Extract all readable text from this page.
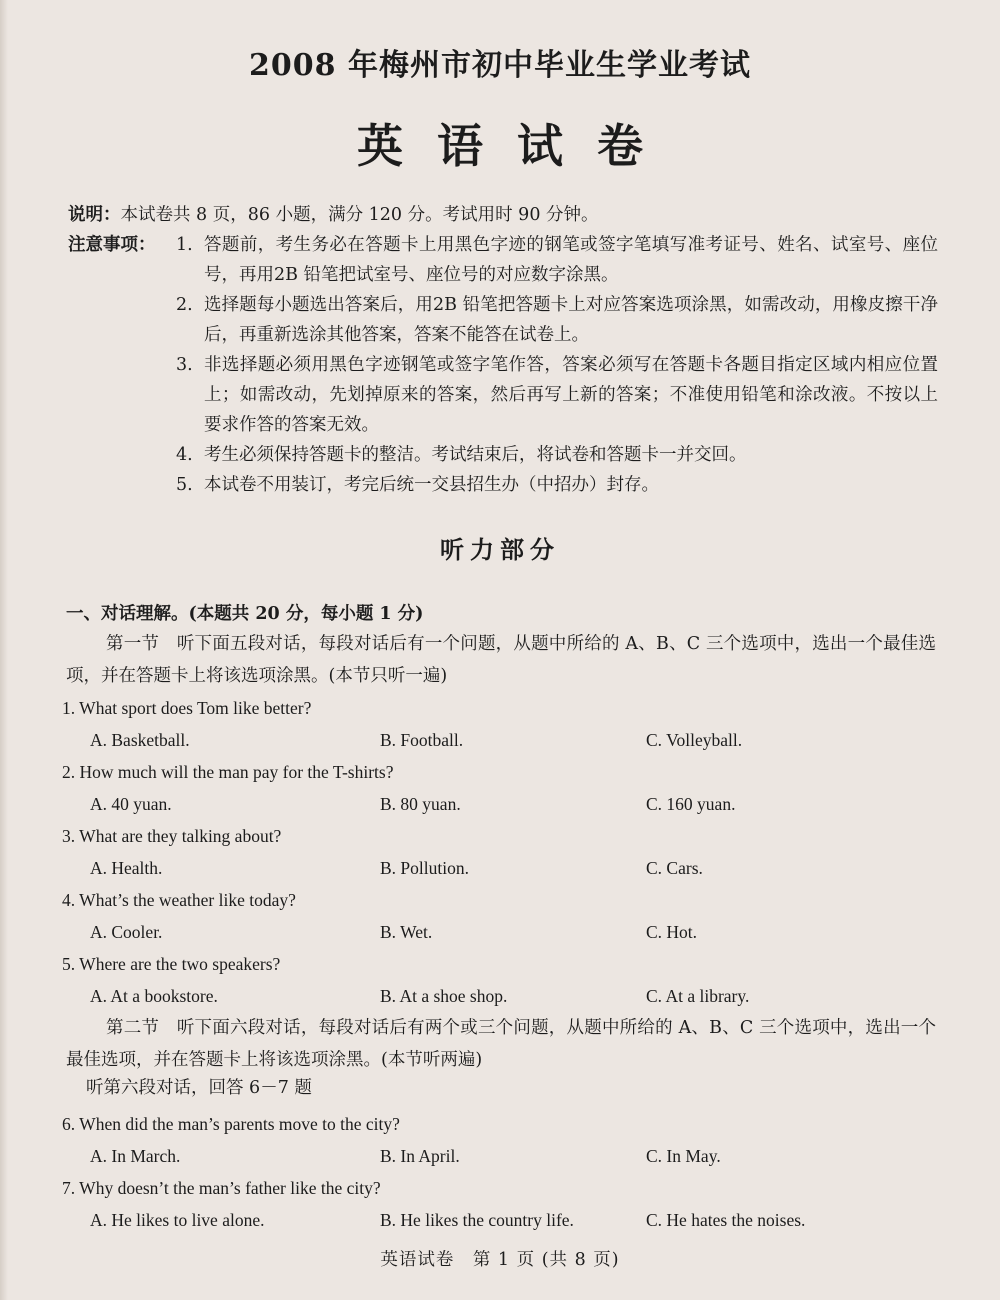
2008 年梅州市初中毕业生学业考试
英语试卷
说明： 本试卷共 8 页，86 小题，满分 120 分。考试用时 90 分钟。
注意事项： 1. 答题前，考生务必在答题卡上用黑色字迹的钢笔或签字笔填写准考证号、姓名、试室号、座位号，再用2B 铅笔把试室号、座位号的对应数字涂黑。
2. 选择题每小题选出答案后，用2B 铅笔把答题卡上对应答案选项涂黑，如需改动，用橡皮擦干净后，再重新选涂其他答案，答案不能答在试卷上。
3. 非选择题必须用黑色字迹钢笔或签字笔作答，答案必须写在答题卡各题目指定区域内相应位置上；如需改动，先划掉原来的答案，然后再写上新的答案；不准使用铅笔和涂改液。不按以上要求作答的答案无效。
4. 考生必须保持答题卡的整洁。考试结束后，将试卷和答题卡一并交回。
5. 本试卷不用装订，考完后统一交县招生办（中招办）封存。
听力部分
一、对话理解。(本题共 20 分，每小题 1 分)
第一节　听下面五段对话，每段对话后有一个问题，从题中所给的 A、B、C 三个选项中，选出一个最佳选项，并在答题卡上将该选项涂黑。(本节只听一遍)
1. What sport does Tom like better?
A. Basketball.	B. Football.	C. Volleyball.
2. How much will the man pay for the T-shirts?
A. 40 yuan.	B. 80 yuan.	C. 160 yuan.
3. What are they talking about?
A. Health.	B. Pollution.	C. Cars.
4. What’s the weather like today?
A. Cooler.	B. Wet.	C. Hot.
5. Where are the two speakers?
A. At a bookstore.	B. At a shoe shop.	C. At a library.
第二节　听下面六段对话，每段对话后有两个或三个问题，从题中所给的 A、B、C 三个选项中，选出一个最佳选项，并在答题卡上将该选项涂黑。(本节听两遍)
听第六段对话，回答 6－7 题
6. When did the man’s parents move to the city?
A. In March.	B. In April.	C. In May.
7. Why doesn’t the man’s father like the city?
A. He likes to live alone.	B. He likes the country life.	C. He hates the noises.
英语试卷　第 1 页 (共 8 页)
